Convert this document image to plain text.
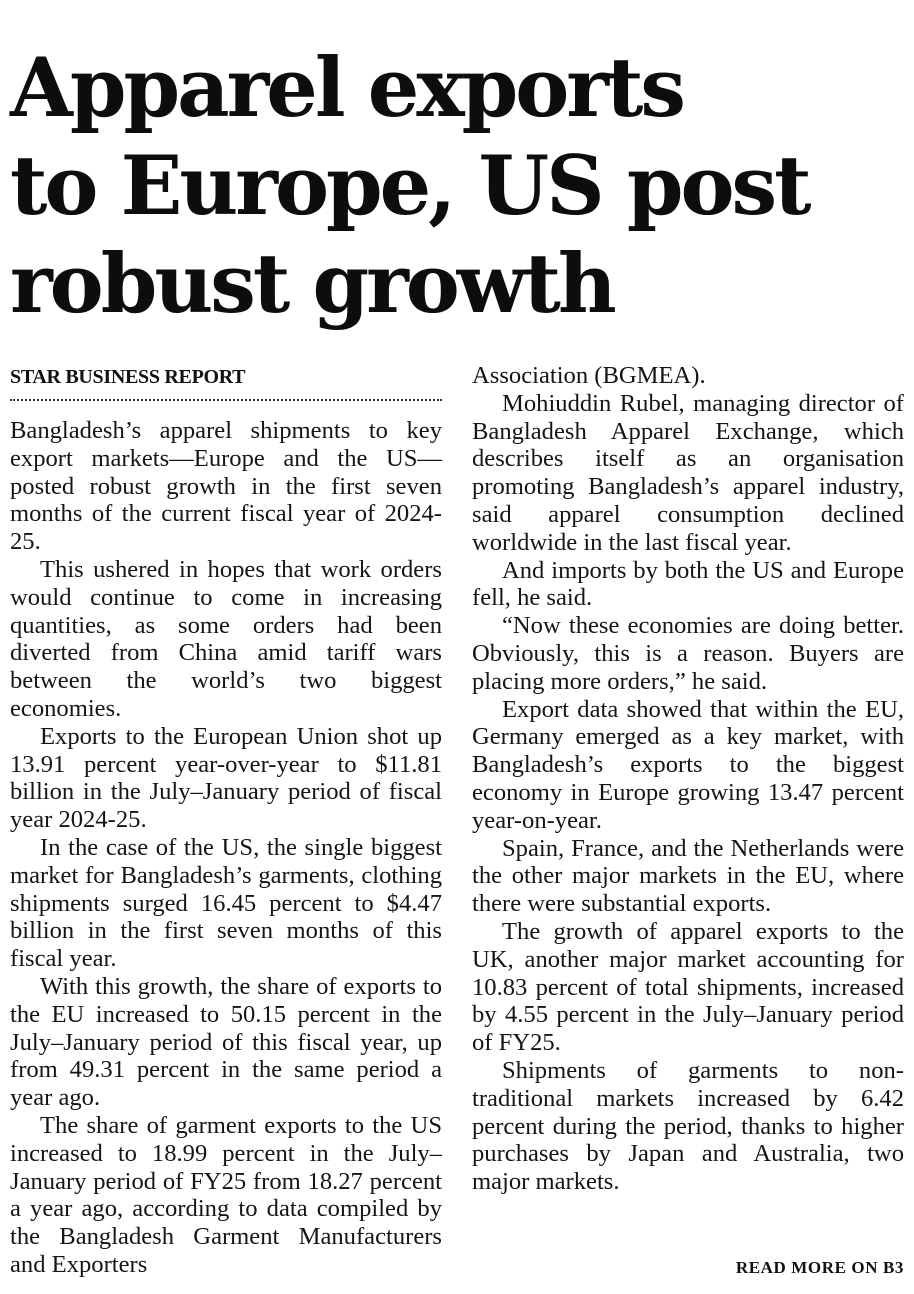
Apparel exports
to Europe, US post
robust growth
STAR BUSINESS REPORT

Bangladesh’s apparel shipments to key export markets—Europe and the US—posted robust growth in the first seven months of the current fiscal year of 2024-25.

This ushered in hopes that work orders would continue to come in increasing quantities, as some orders had been diverted from China amid tariff wars between the world’s two biggest economies.

Exports to the European Union shot up 13.91 percent year-over-year to $11.81 billion in the July–January period of fiscal year 2024-25.

In the case of the US, the single biggest market for Bangladesh’s garments, clothing shipments surged 16.45 percent to $4.47 billion in the first seven months of this fiscal year.

With this growth, the share of exports to the EU increased to 50.15 percent in the July–January period of this fiscal year, up from 49.31 percent in the same period a year ago.

The share of garment exports to the US increased to 18.99 percent in the July–January period of FY25 from 18.27 percent a year ago, according to data compiled by the Bangladesh Garment Manufacturers and Exporters

Association (BGMEA).

Mohiuddin Rubel, managing director of Bangladesh Apparel Exchange, which describes itself as an organisation promoting Bangladesh’s apparel industry, said apparel consumption declined worldwide in the last fiscal year.

And imports by both the US and Europe fell, he said.

“Now these economies are doing better. Obviously, this is a reason. Buyers are placing more orders,” he said.

Export data showed that within the EU, Germany emerged as a key market, with Bangladesh’s exports to the biggest economy in Europe growing 13.47 percent year-on-year.

Spain, France, and the Netherlands were the other major markets in the EU, where there were substantial exports.

The growth of apparel exports to the UK, another major market accounting for 10.83 percent of total shipments, increased by 4.55 percent in the July–January period of FY25.

Shipments of garments to non-traditional markets increased by 6.42 percent during the period, thanks to higher purchases by Japan and Australia, two major markets.

READ MORE ON B3
